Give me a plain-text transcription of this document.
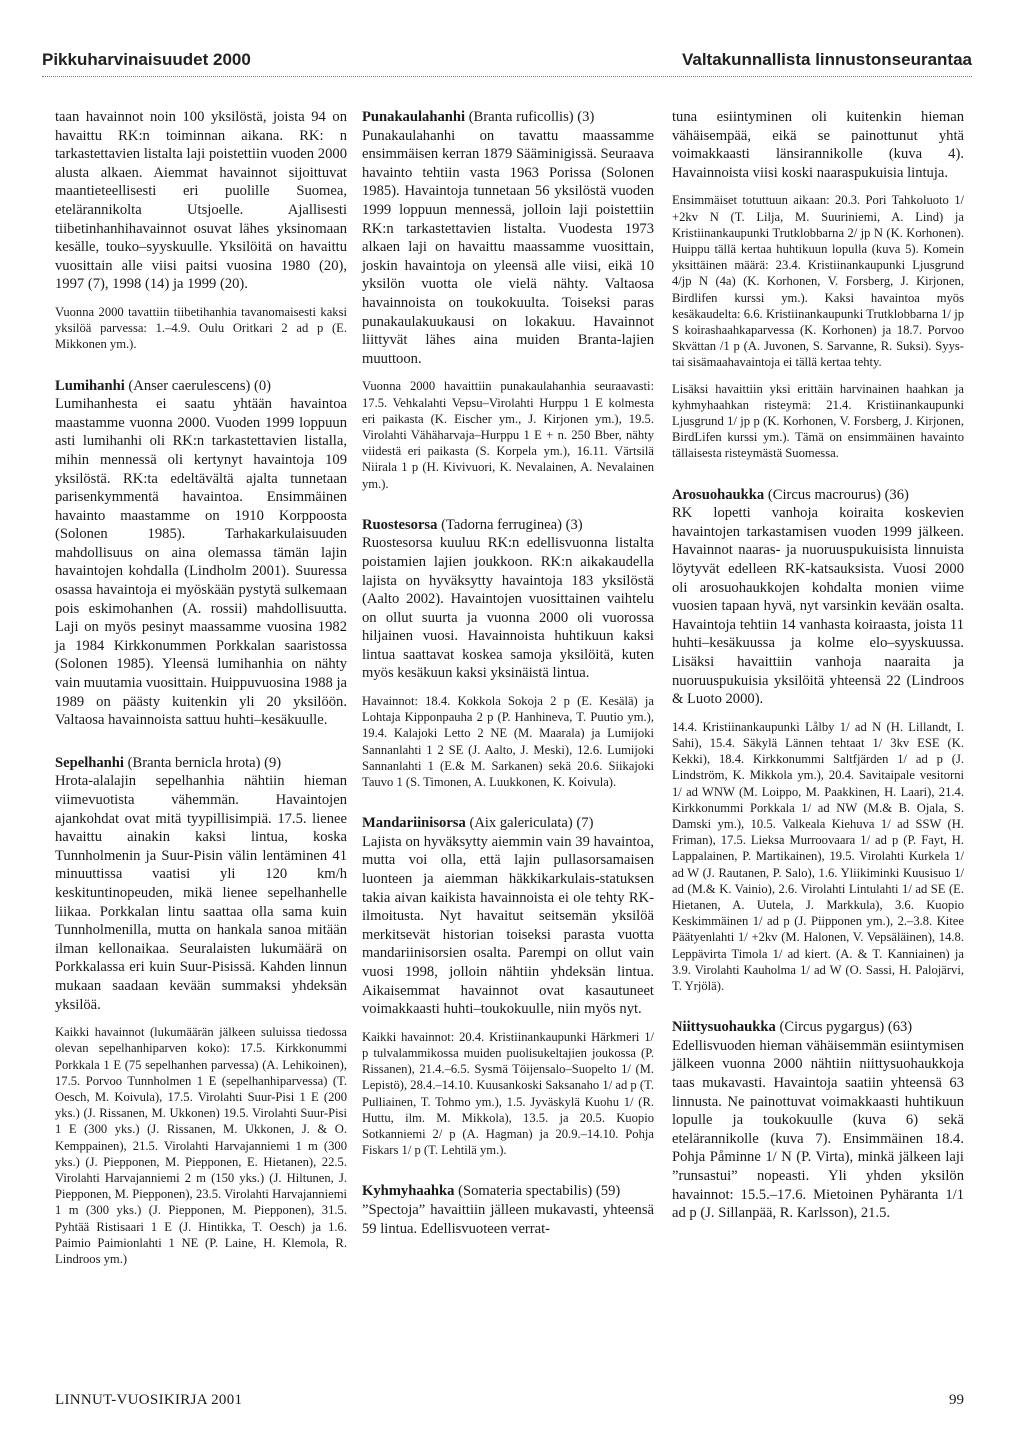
Pikkuharvinaisuudet 2000	Valtakunnallista linnustonseurantaa

taan havainnot noin 100 yksilöstä, joista 94 on havaittu RK:n toiminnan aikana. RK: n tarkastettavien listalta laji poistettiin vuoden 2000 alusta alkaen. Aiemmat havainnot sijoittuvat maantieteellisesti eri puolille Suomea, etelärannikolta Utsjoelle. Ajallisesti tiibetinhanhihavainnot osuvat lähes yksinomaan kesälle, touko–syyskuulle. Yksilöitä on havaittu vuosittain alle viisi paitsi vuosina 1980 (20), 1997 (7), 1998 (14) ja 1999 (20).

Vuonna 2000 tavattiin tiibetihanhia tavanomaisesti kaksi yksilöä parvessa: 1.–4.9. Oulu Oritkari 2 ad p (E. Mikkonen ym.).

Lumihanhi (Anser caerulescens) (0)

Lumihanhesta ei saatu yhtään havaintoa maastamme vuonna 2000. Vuoden 1999 loppuun asti lumihanhi oli RK:n tarkastettavien listalla, mihin mennessä oli kertynyt havaintoja 109 yksilöstä. RK:ta edeltävältä ajalta tunnetaan parisenkymmentä havaintoa. Ensimmäinen havainto maastamme on 1910 Korppoosta (Solonen 1985). Tarhakarkulaisuuden mahdollisuus on aina olemassa tämän lajin havaintojen kohdalla (Lindholm 2001). Suuressa osassa havaintoja ei myöskään pystytä sulkemaan pois eskimohanhen (A. rossii) mahdollisuutta. Laji on myös pesinyt maassamme vuosina 1982 ja 1984 Kirkkonummen Porkkalan saaristossa (Solonen 1985). Yleensä lumihanhia on nähty vain muutamia vuosittain. Huippuvuosina 1988 ja 1989 on päästy kuitenkin yli 20 yksilöön. Valtaosa havainnoista sattuu huhti–kesäkuulle.

Sepelhanhi (Branta bernicla hrota) (9)

Hrota-alalajin sepelhanhia nähtiin hieman viimevuotista vähemmän. Havaintojen ajankohdat ovat mitä tyypillisimpiä. 17.5. lienee havaittu ainakin kaksi lintua, koska Tunnholmenin ja Suur-Pisin välin lentäminen 41 minuuttissa vaatisi yli 120 km/h keskituntinopeuden, mikä lienee sepelhanhelle liikaa. Porkkalan lintu saattaa olla sama kuin Tunnholmenilla, mutta on hankala sanoa mitään ilman kellonaikaa. Seuralaisten lukumäärä on Porkkalassa eri kuin Suur-Pisissä. Kahden linnun mukaan saadaan kevään summaksi yhdeksän yksilöä.

Kaikki havainnot (lukumäärän jälkeen suluissa tiedossa olevan sepelhanhiparven koko): 17.5. Kirkkonummi Porkkala 1 E (75 sepelhanhen parvessa) (A. Lehikoinen), 17.5. Porvoo Tunnholmen 1 E (sepelhanhiparvessa) (T. Oesch, M. Koivula), 17.5. Virolahti Suur-Pisi 1 E (200 yks.) (J. Rissanen, M. Ukkonen) 19.5. Virolahti Suur-Pisi 1 E (300 yks.) (J. Rissanen, M. Ukkonen, J. & O. Kemppainen), 21.5. Virolahti Harvajanniemi 1 m (300 yks.) (J. Piepponen, M. Piepponen, E. Hietanen), 22.5. Virolahti Harvajanniemi 2 m (150 yks.) (J. Hiltunen, J. Piepponen, M. Piepponen), 23.5. Virolahti Harvajanniemi 1 m (300 yks.) (J. Piepponen, M. Piepponen), 31.5. Pyhtää Ristisaari 1 E (J. Hintikka, T. Oesch) ja 1.6. Paimio Paimionlahti 1 NE (P. Laine, H. Klemola, R. Lindroos ym.)

Punakaulahanhi (Branta ruficollis) (3)

Punakaulahanhi on tavattu maassamme ensimmäisen kerran 1879 Sääminigissä. Seuraava havainto tehtiin vasta 1963 Porissa (Solonen 1985). Havaintoja tunnetaan 56 yksilöstä vuoden 1999 loppuun mennessä, jolloin laji poistettiin RK:n tarkastettavien listalta. Vuodesta 1973 alkaen laji on havaittu maassamme vuosittain, joskin havaintoja on yleensä alle viisi, eikä 10 yksilön vuotta ole vielä nähty. Valtaosa havainnoista on toukokuulta. Toiseksi paras punakaulakuukausi on lokakuu. Havainnot liittyvät lähes aina muiden Branta-lajien muuttoon.

Vuonna 2000 havaittiin punakaulahanhia seuraavasti: 17.5. Vehkalahti Vepsu–Virolahti Hurppu 1 E kolmesta eri paikasta (K. Eischer ym., J. Kirjonen ym.), 19.5. Virolahti Vähäharvaja–Hurppu 1 E + n. 250 Bber, nähty viidestä eri paikasta (S. Korpela ym.), 16.11. Värtsilä Niirala 1 p (H. Kivivuori, K. Nevalainen, A. Nevalainen ym.).

Ruostesorsa (Tadorna ferruginea) (3)

Ruostesorsa kuuluu RK:n edellisvuonna listalta poistamien lajien joukkoon. RK:n aikakaudella lajista on hyväksytty havaintoja 183 yksilöstä (Aalto 2002). Havaintojen vuosittainen vaihtelu on ollut suurta ja vuonna 2000 oli vuorossa hiljainen vuosi. Havainnoista huhtikuun kaksi lintua saattavat koskea samoja yksilöitä, kuten myös kesäkuun kaksi yksinäistä lintua.

Havainnot: 18.4. Kokkola Sokoja 2 p (E. Kesälä) ja Lohtaja Kipponpauha 2 p (P. Hanhineva, T. Puutio ym.), 19.4. Kalajoki Letto 2 NE (M. Maarala) ja Lumijoki Sannanlahti 1 2 SE (J. Aalto, J. Meski), 12.6. Lumijoki Sannanlahti 1 (E.& M. Sarkanen) sekä 20.6. Siikajoki Tauvo 1 (S. Timonen, A. Luukkonen, K. Koivula).

Mandariinisorsa (Aix galericulata) (7)

Lajista on hyväksytty aiemmin vain 39 havaintoa, mutta voi olla, että lajin pullasorsamaisen luonteen ja aiemman häkkikarkulais-statuksen takia aivan kaikista havainnoista ei ole tehty RK-ilmoitusta. Nyt havaitut seitsemän yksilöä merkitsevät historian toiseksi parasta vuotta mandariinisorsien osalta. Parempi on ollut vain vuosi 1998, jolloin nähtiin yhdeksän lintua. Aikaisemmat havainnot ovat kasautuneet voimakkaasti huhti–toukokuulle, niin myös nyt.

Kaikki havainnot: 20.4. Kristiinankaupunki Härkmeri 1/ p tulvalammikossa muiden puolisukeltajien joukossa (P. Rissanen), 21.4.–6.5. Sysmä Töijensalo–Suopelto 1/ (M. Lepistö), 28.4.–14.10. Kuusankoski Saksanaho 1/ ad p (T. Pulliainen, T. Tohmo ym.), 1.5. Jyväskylä Kuohu 1/ (R. Huttu, ilm. M. Mikkola), 13.5. ja 20.5. Kuopio Sotkanniemi 2/ p (A. Hagman) ja 20.9.–14.10. Pohja Fiskars 1/ p (T. Lehtilä ym.).

Kyhmyhaahka (Somateria spectabilis) (59)

”Spectoja” havaittiin jälleen mukavasti, yhteensä 59 lintua. Edellisvuoteen verrat-

tuna esiintyminen oli kuitenkin hieman vähäisempää, eikä se painottunut yhtä voimakkaasti länsirannikolle (kuva 4). Havainnoista viisi koski naaraspukuisia lintuja.

Ensimmäiset totuttuun aikaan: 20.3. Pori Tahkoluoto 1/ +2kv N (T. Lilja, M. Suuriniemi, A. Lind) ja Kristiinankaupunki Trutklobbarna 2/ jp N (K. Korhonen). Huippu tällä kertaa huhtikuun lopulla (kuva 5). Komein yksittäinen määrä: 23.4. Kristiinankaupunki Ljusgrund 4/jp N (4a) (K. Korhonen, V. Forsberg, J. Kirjonen, Birdlifen kurssi ym.). Kaksi havaintoa myös kesäkaudelta: 6.6. Kristiinankaupunki Trutklobbarna 1/ jp S koirashaahkaparvessa (K. Korhonen) ja 18.7. Porvoo Skvättan /1 p (A. Juvonen, S. Sarvanne, R. Suksi). Syys- tai sisämaahavaintoja ei tällä kertaa tehty.

Lisäksi havaittiin yksi erittäin harvinainen haahkan ja kyhmyhaahkan risteymä: 21.4. Kristiinankaupunki Ljusgrund 1/ jp p (K. Korhonen, V. Forsberg, J. Kirjonen, BirdLifen kurssi ym.). Tämä on ensimmäinen havainto tällaisesta risteymästä Suomessa.

Arosuohaukka (Circus macrourus) (36)

RK lopetti vanhoja koiraita koskevien havaintojen tarkastamisen vuoden 1999 jälkeen. Havainnot naaras- ja nuoruuspukuisista linnuista löytyvät edelleen RK-katsauksista. Vuosi 2000 oli arosuohaukkojen kohdalta monien viime vuosien tapaan hyvä, nyt varsinkin kevään osalta. Havaintoja tehtiin 14 vanhasta koiraasta, joista 11 huhti–kesäkuussa ja kolme elo–syyskuussa. Lisäksi havaittiin vanhoja naaraita ja nuoruuspukuisia yksilöitä yhteensä 22 (Lindroos & Luoto 2000).

14.4. Kristiinankaupunki Lålby 1/ ad N (H. Lillandt, I. Sahi), 15.4. Säkylä Lännen tehtaat 1/ 3kv ESE (K. Kekki), 18.4. Kirkkonummi Saltfjärden 1/ ad p (J. Lindström, K. Mikkola ym.), 20.4. Savitaipale vesitorni 1/ ad WNW (M. Loippo, M. Paakkinen, H. Laari), 21.4. Kirkkonummi Porkkala 1/ ad NW (M.& B. Ojala, S. Damski ym.), 10.5. Valkeala Kiehuva 1/ ad SSW (H. Friman), 17.5. Lieksa Murroovaara 1/ ad p (P. Fayt, H. Lappalainen, P. Martikainen), 19.5. Virolahti Kurkela 1/ ad W (J. Rautanen, P. Salo), 1.6. Yliikiminki Kuusisuo 1/ ad (M.& K. Vainio), 2.6. Virolahti Lintulahti 1/ ad SE (E. Hietanen, A. Uutela, J. Markkula), 3.6. Kuopio Keskimmäinen 1/ ad p (J. Piipponen ym.), 2.–3.8. Kitee Päätyenlahti 1/ +2kv (M. Halonen, V. Vepsäläinen), 14.8. Leppävirta Timola 1/ ad kiert. (A. & T. Kanniainen) ja 3.9. Virolahti Kauholma 1/ ad W (O. Sassi, H. Palojärvi, T. Yrjölä).

Niittysuohaukka (Circus pygargus) (63)

Edellisvuoden hieman vähäisemmän esiintymisen jälkeen vuonna 2000 nähtiin niittysuohaukkoja taas mukavasti. Havaintoja saatiin yhteensä 63 linnusta. Ne painottuvat voimakkaasti huhtikuun lopulle ja toukokuulle (kuva 6) sekä etelärannikolle (kuva 7). Ensimmäinen 18.4. Pohja Påminne 1/ N (P. Virta), minkä jälkeen laji ”runsastui” nopeasti. Yli yhden yksilön havainnot: 15.5.–17.6. Mietoinen Pyhäranta 1/1 ad p (J. Sillanpää, R. Karlsson), 21.5.

LINNUT-VUOSIKIRJA 2001	99
